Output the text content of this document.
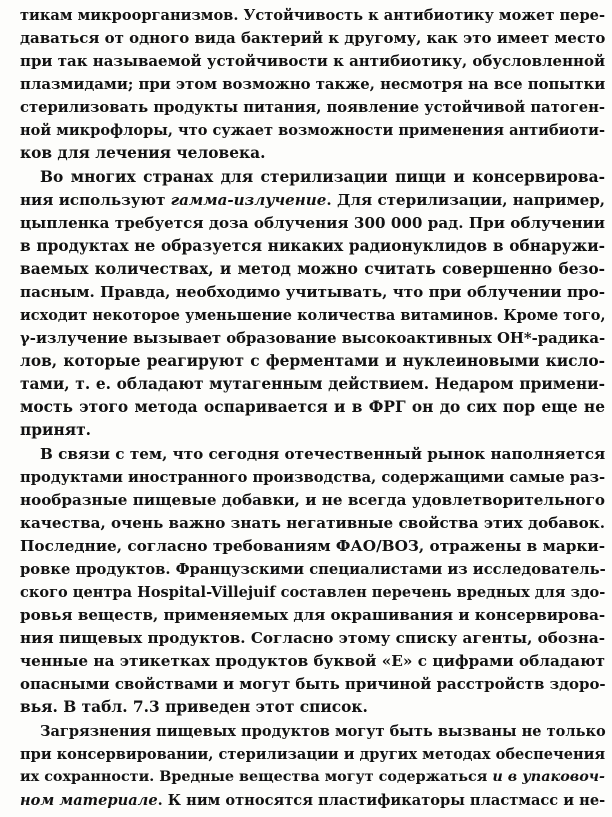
тикам микроорганизмов. Устойчивость к антибиотику может пере-
даваться от одного вида бактерий к другому, как это имеет место
при так называемой устойчивости к антибиотику, обусловленной
плазмидами; при этом возможно также, несмотря на все попытки
стерилизовать продукты питания, появление устойчивой патоген-
ной микрофлоры, что сужает возможности применения антибиоти-
ков для лечения человека.
Во многих странах для стерилизации пищи и консервирова-
ния используют гамма-излучение. Для стерилизации, например,
цыпленка требуется доза облучения 300 000 рад. При облучении
в продуктах не образуется никаких радионуклидов в обнаружи-
ваемых количествах, и метод можно считать совершенно безо-
пасным. Правда, необходимо учитывать, что при облучении про-
исходит некоторое уменьшение количества витаминов. Кроме того,
γ-излучение вызывает образование высокоактивных OH*-радика-
лов, которые реагируют с ферментами и нуклеиновыми кисло-
тами, т. е. обладают мутагенным действием. Недаром примени-
мость этого метода оспаривается и в ФРГ он до сих пор еще не
принят.
В связи с тем, что сегодня отечественный рынок наполняется
продуктами иностранного производства, содержащими самые раз-
нообразные пищевые добавки, и не всегда удовлетворительного
качества, очень важно знать негативные свойства этих добавок.
Последние, согласно требованиям ФАО/ВОЗ, отражены в марки-
ровке продуктов. Французскими специалистами из исследователь-
ского центра Hospital-Villejuif составлен перечень вредных для здо-
ровья веществ, применяемых для окрашивания и консервирова-
ния пищевых продуктов. Согласно этому списку агенты, обозна-
ченные на этикетках продуктов буквой «Е» с цифрами обладают
опасными свойствами и могут быть причиной расстройств здоро-
вья. В табл. 7.3 приведен этот список.
Загрязнения пищевых продуктов могут быть вызваны не только
при консервировании, стерилизации и других методах обеспечения
их сохранности. Вредные вещества могут содержаться и в упаковоч-
ном материале. К ним относятся пластификаторы пластмасс и не-
